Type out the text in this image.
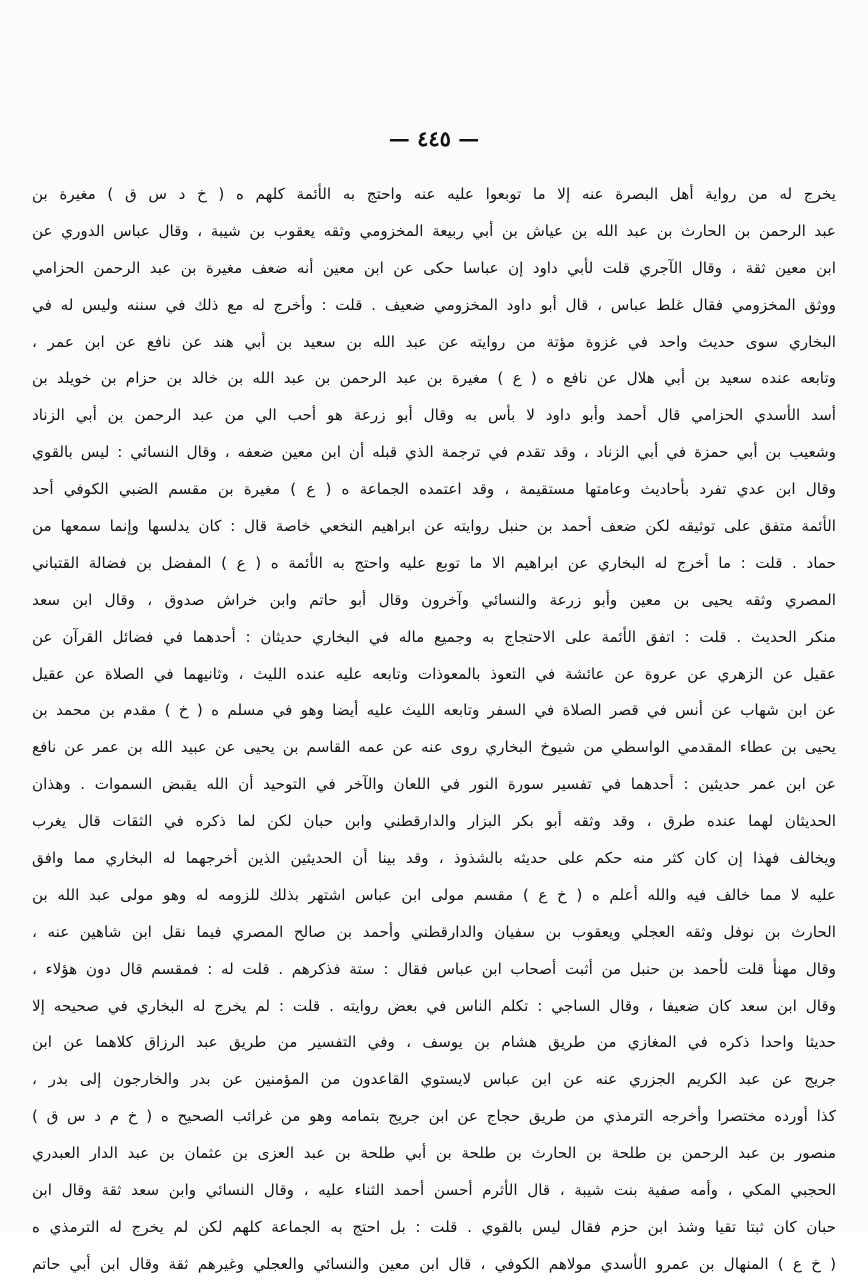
— ٤٤٥ —
يخرج له من رواية أهل البصرة عنه إلا ما توبعوا عليه عنه واحتج به الأئمة كلهم ه ( خ د س ق ) مغيرة بن
عبد الرحمن بن الحارث بن عبد الله بن عياش بن أبي ربيعة المخزومي وثقه يعقوب بن شيبة ، وقال عباس الدوري عن
ابن معين ثقة ، وقال الآجري قلت لأبي داود إن عباسا حكى عن ابن معين أنه ضعف مغيرة بن عبد الرحمن الحزامي
ووثق المخزومي فقال غلط عباس ، قال أبو داود المخزومي ضعيف . قلت : وأخرج له مع ذلك في سننه وليس له في
البخاري سوى حديث واحد في غزوة مؤتة من روايته عن عبد الله بن سعيد بن أبي هند عن نافع عن ابن عمر ،
وتابعه عنده سعيد بن أبي هلال عن نافع ه ( ع ) مغيرة بن عبد الرحمن بن عبد الله بن خالد بن حزام بن خويلد بن
أسد الأسدي الحزامي قال أحمد وأبو داود لا بأس به وقال أبو زرعة هو أحب الي من عبد الرحمن بن أبي الزناد
وشعيب بن أبي حمزة في أبي الزناد ، وقد تقدم في ترجمة الذي قبله أن ابن معين ضعفه ، وقال النسائي : ليس بالقوي
وقال ابن عدي تفرد بأحاديث وعامتها مستقيمة ، وقد اعتمده الجماعة ه ( ع ) مغيرة بن مقسم الضبي الكوفي أحد
الأئمة متفق على توثيقه لكن ضعف أحمد بن حنبل روايته عن ابراهيم النخعي خاصة قال : كان يدلسها وإنما سمعها من
حماد . قلت : ما أخرج له البخاري عن ابراهيم الا ما توبع عليه واحتج به الأئمة ه ( ع ) المفضل بن فضالة القتباني
المصري وثقه يحيى بن معين وأبو زرعة والنسائي وآخرون وقال أبو حاتم وابن خراش صدوق ، وقال ابن سعد
منكر الحديث . قلت : اتفق الأئمة على الاحتجاج به وجميع ماله في البخاري حديثان : أحدهما في فضائل القرآن عن
عقيل عن الزهري عن عروة عن عائشة في التعوذ بالمعوذات وتابعه عليه عنده الليث ، وثانيهما في الصلاة عن عقيل
عن ابن شهاب عن أنس في قصر الصلاة في السفر وتابعه الليث عليه أيضا وهو في مسلم ه ( خ ) مقدم بن محمد بن
يحيى بن عطاء المقدمي الواسطي من شيوخ البخاري روى عنه عن عمه القاسم بن يحيى عن عبيد الله بن عمر عن نافع
عن ابن عمر حديثين : أحدهما في تفسير سورة النور في اللعان والآخر في التوحيد أن الله يقبض السموات . وهذان
الحديثان لهما عنده طرق ، وقد وثقه أبو بكر البزار والدارقطني وابن حبان لكن لما ذكره في الثقات قال يغرب
ويخالف فهذا إن كان كثر منه حكم على حديثه بالشذوذ ، وقد بينا أن الحديثين الذين أخرجهما له البخاري مما وافق
عليه لا مما خالف فيه والله أعلم ه ( خ ع ) مقسم مولى ابن عباس اشتهر بذلك للزومه له وهو مولى عبد الله بن
الحارث بن نوفل وثقه العجلي ويعقوب بن سفيان والدارقطني وأحمد بن صالح المصري فيما نقل ابن شاهين عنه ،
وقال مهنأ قلت لأحمد بن حنبل من أثبت أصحاب ابن عباس فقال : ستة فذكرهم . قلت له : فمقسم قال دون هؤلاء ،
وقال ابن سعد كان ضعيفا ، وقال الساجي : تكلم الناس في بعض روايته . قلت : لم يخرج له البخاري في صحيحه إلا
حديثا واحدا ذكره في المغازي من طريق هشام بن يوسف ، وفي التفسير من طريق عبد الرزاق كلاهما عن ابن
جريج عن عبد الكريم الجزري عنه عن ابن عباس لايستوي القاعدون من المؤمنين عن بدر والخارجون إلى بدر ،
كذا أورده مختصرا وأخرجه الترمذي من طريق حجاج عن ابن جريج بتمامه وهو من غرائب الصحيح ه ( خ م د س ق )
منصور بن عبد الرحمن بن طلحة بن الحارث بن طلحة بن أبي طلحة بن عبد العزى بن عثمان بن عبد الدار العبدري
الحجبي المكي ، وأمه صفية بنت شيبة ، قال الأثرم أحسن أحمد الثناء عليه ، وقال النسائي وابن سعد ثقة وقال ابن
حبان كان ثبتا تقيا وشذ ابن حزم فقال ليس بالقوي . قلت : بل احتج به الجماعة كلهم لكن لم يخرج له الترمذي ه
( خ ع ) المنهال بن عمرو الأسدي مولاهم الكوفي ، قال ابن معين والنسائي والعجلي وغيرهم ثقة وقال ابن أبي حاتم
